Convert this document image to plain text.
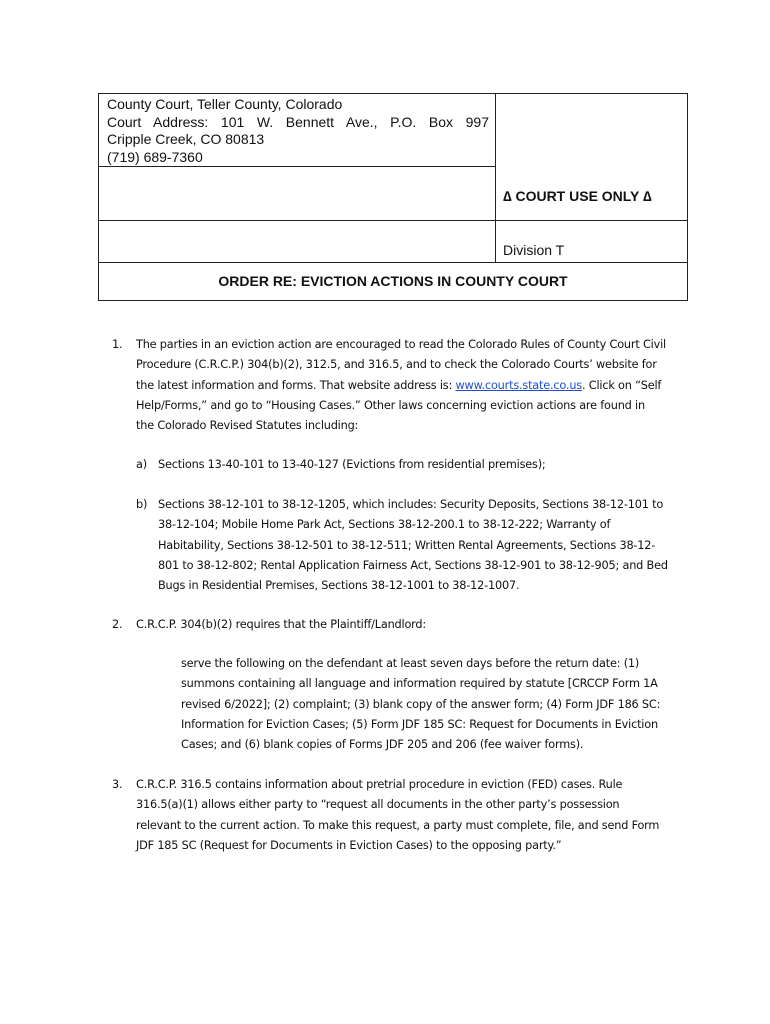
County Court, Teller County, Colorado
Court Address: 101 W. Bennett Ave., P.O. Box 997
Cripple Creek, CO 80813
(719) 689-7360
∆ COURT USE ONLY ∆
Division T
ORDER RE: EVICTION ACTIONS IN COUNTY COURT
1. The parties in an eviction action are encouraged to read the Colorado Rules of County Court Civil
Procedure (C.R.C.P.) 304(b)(2), 312.5, and 316.5, and to check the Colorado Courts’ website for
the latest information and forms. That website address is: www.courts.state.co.us. Click on “Self
Help/Forms,” and go to “Housing Cases.” Other laws concerning eviction actions are found in
the Colorado Revised Statutes including:
a) Sections 13-40-101 to 13-40-127 (Evictions from residential premises);
b) Sections 38-12-101 to 38-12-1205, which includes: Security Deposits, Sections 38-12-101 to
38-12-104; Mobile Home Park Act, Sections 38-12-200.1 to 38-12-222; Warranty of
Habitability, Sections 38-12-501 to 38-12-511; Written Rental Agreements, Sections 38-12-
801 to 38-12-802; Rental Application Fairness Act, Sections 38-12-901 to 38-12-905; and Bed
Bugs in Residential Premises, Sections 38-12-1001 to 38-12-1007.
2. C.R.C.P. 304(b)(2) requires that the Plaintiff/Landlord:
serve the following on the defendant at least seven days before the return date: (1)
summons containing all language and information required by statute [CRCCP Form 1A
revised 6/2022]; (2) complaint; (3) blank copy of the answer form; (4) Form JDF 186 SC:
Information for Eviction Cases; (5) Form JDF 185 SC: Request for Documents in Eviction
Cases; and (6) blank copies of Forms JDF 205 and 206 (fee waiver forms).
3. C.R.C.P. 316.5 contains information about pretrial procedure in eviction (FED) cases. Rule
316.5(a)(1) allows either party to “request all documents in the other party’s possession
relevant to the current action. To make this request, a party must complete, file, and send Form
JDF 185 SC (Request for Documents in Eviction Cases) to the opposing party.”
